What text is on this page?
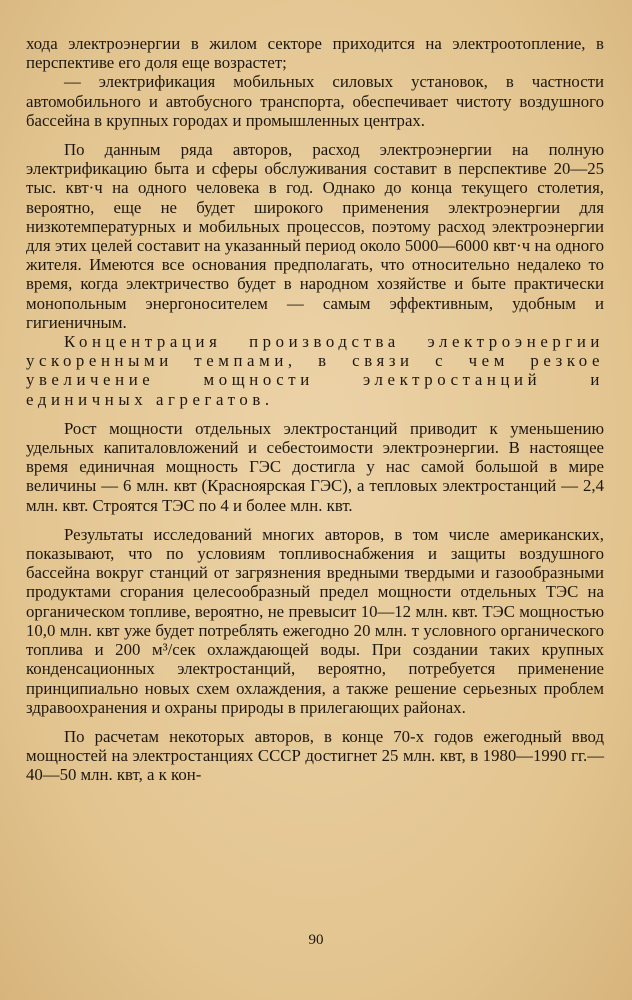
хода электроэнергии в жилом секторе приходится на электроотопление, в перспективе его доля еще возрастет;

— электрификация мобильных силовых установок, в частности автомобильного и автобусного транспорта, обеспечивает чистоту воздушного бассейна в крупных городах и промышленных центрах.

По данным ряда авторов, расход электроэнергии на полную электрификацию быта и сферы обслуживания составит в перспективе 20—25 тыс. квт·ч на одного человека в год. Однако до конца текущего столетия, вероятно, еще не будет широкого применения электроэнергии для низкотемпературных и мобильных процессов, поэтому расход электроэнергии для этих целей составит на указанный период около 5000—6000 квт·ч на одного жителя. Имеются все основания предполагать, что относительно недалеко то время, когда электричество будет в народном хозяйстве и быте практически монопольным энергоносителем — самым эффективным, удобным и гигиеничным.

Концентрация производства электроэнергии ускоренными темпами, в связи с чем резкое увеличение мощности электростанций и единичных агрегатов.

Рост мощности отдельных электростанций приводит к уменьшению удельных капиталовложений и себестоимости электроэнергии. В настоящее время единичная мощность ГЭС достигла у нас самой большой в мире величины — 6 млн. квт (Красноярская ГЭС), а тепловых электростанций — 2,4 млн. квт. Строятся ТЭС по 4 и более млн. квт.

Результаты исследований многих авторов, в том числе американских, показывают, что по условиям топливоснабжения и защиты воздушного бассейна вокруг станций от загрязнения вредными твердыми и газообразными продуктами сгорания целесообразный предел мощности отдельных ТЭС на органическом топливе, вероятно, не превысит 10—12 млн. квт. ТЭС мощностью 10,0 млн. квт уже будет потреблять ежегодно 20 млн. т условного органического топлива и 200 м³/сек охлаждающей воды. При создании таких крупных конденсационных электростанций, вероятно, потребуется применение принципиально новых схем охлаждения, а также решение серьезных проблем здравоохранения и охраны природы в прилегающих районах.

По расчетам некоторых авторов, в конце 70-х годов ежегодный ввод мощностей на электростанциях СССР достигнет 25 млн. квт, в 1980—1990 гг.— 40—50 млн. квт, а к кон-

90
